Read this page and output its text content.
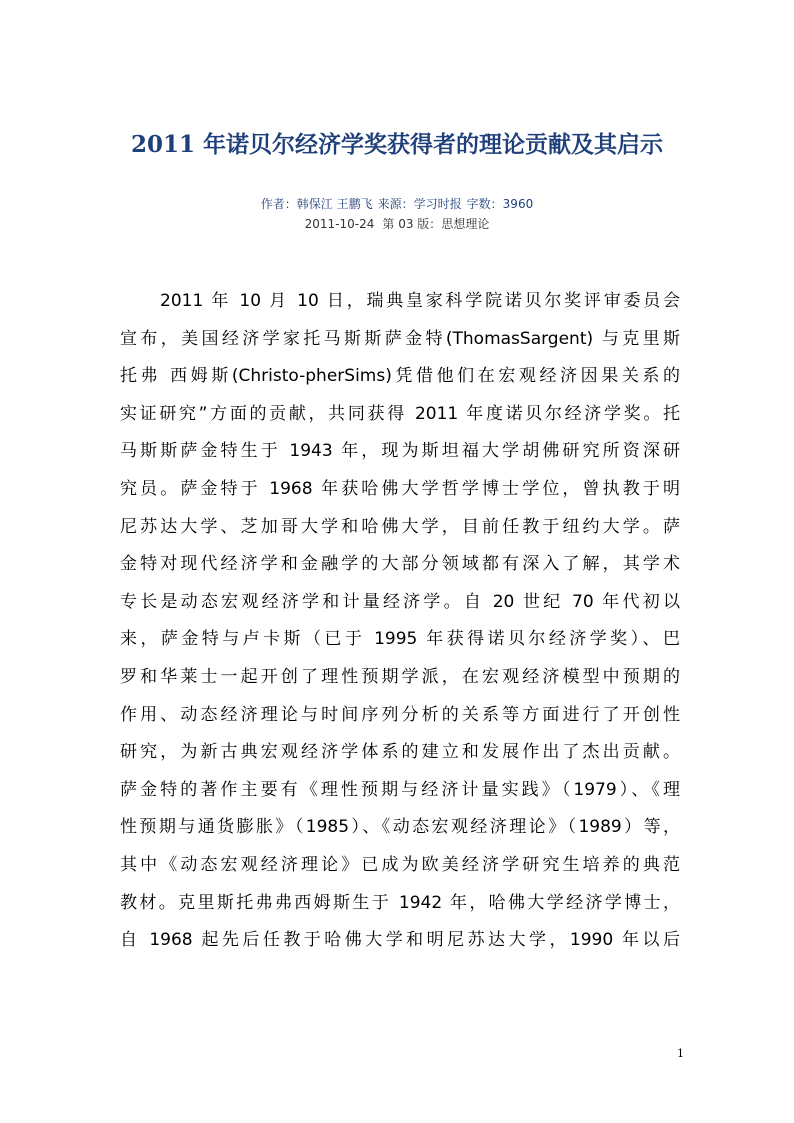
2011 年诺贝尔经济学奖获得者的理论贡献及其启示
作者：韩保江 王鹏飞 来源：学习时报 字数：3960
2011-10-24 第 03 版：思想理论
2011 年 10 月 10 日，瑞典皇家科学院诺贝尔奖评审委员会
宣布，美国经济学家托马斯斯萨金特(ThomasSargent) 与克里斯
托弗 西姆斯(Christo-pherSims)凭借他们在宏观经济因果关系的
实证研究”方面的贡献，共同获得 2011 年度诺贝尔经济学奖。托
马斯斯萨金特生于 1943 年，现为斯坦福大学胡佛研究所资深研
究员。萨金特于 1968 年获哈佛大学哲学博士学位，曾执教于明
尼苏达大学、芝加哥大学和哈佛大学，目前任教于纽约大学。萨
金特对现代经济学和金融学的大部分领域都有深入了解，其学术
专长是动态宏观经济学和计量经济学。自 20 世纪 70 年代初以
来，萨金特与卢卡斯（已于 1995 年获得诺贝尔经济学奖）、巴
罗和华莱士一起开创了理性预期学派，在宏观经济模型中预期的
作用、动态经济理论与时间序列分析的关系等方面进行了开创性
研究，为新古典宏观经济学体系的建立和发展作出了杰出贡献。
萨金特的著作主要有《理性预期与经济计量实践》（1979）、《理
性预期与通货膨胀》（1985）、《动态宏观经济理论》（1989）等，
其中《动态宏观经济理论》已成为欧美经济学研究生培养的典范
教材。克里斯托弗弗西姆斯生于 1942 年，哈佛大学经济学博士，
自 1968 起先后任教于哈佛大学和明尼苏达大学，1990 年以后
1
